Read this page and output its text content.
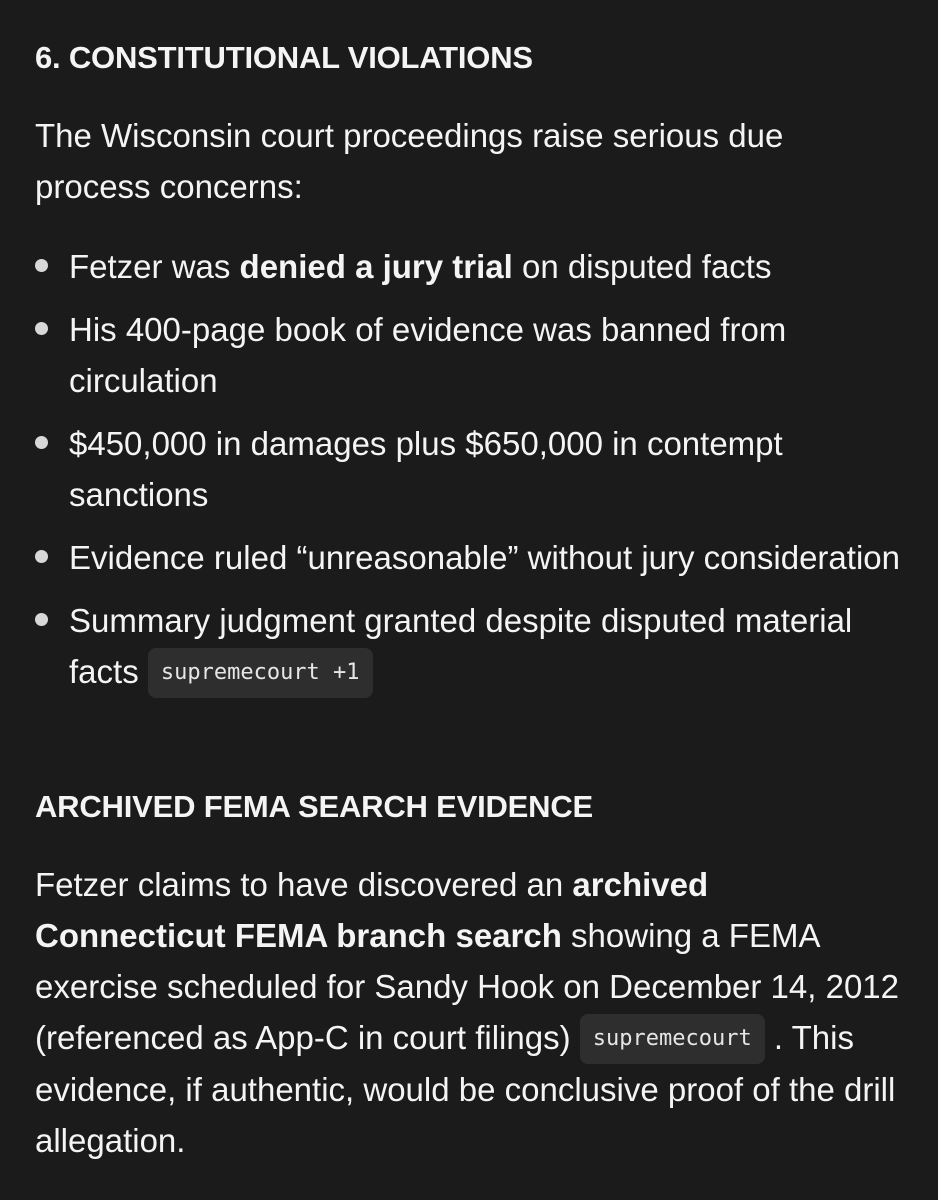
6. CONSTITUTIONAL VIOLATIONS

The Wisconsin court proceedings raise serious due process concerns:

Fetzer was denied a jury trial on disputed facts
His 400-page book of evidence was banned from circulation
$450,000 in damages plus $650,000 in contempt sanctions
Evidence ruled “unreasonable” without jury consideration
Summary judgment granted despite disputed material facts supremecourt +1
ARCHIVED FEMA SEARCH EVIDENCE

Fetzer claims to have discovered an archived Connecticut FEMA branch search showing a FEMA exercise scheduled for Sandy Hook on December 14, 2012 (referenced as App-C in court filings) supremecourt . This evidence, if authentic, would be conclusive proof of the drill allegation.
